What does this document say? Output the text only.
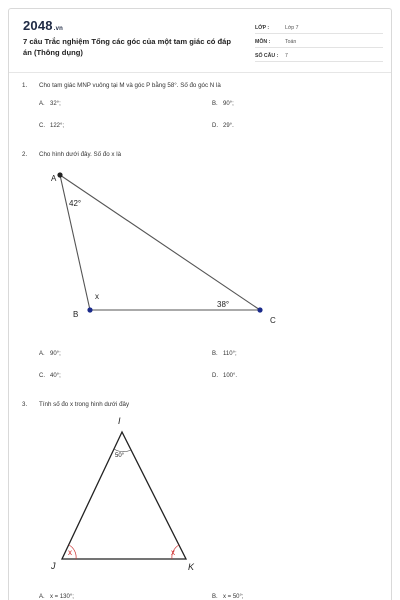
2048.vn
7 câu Trắc nghiệm Tổng các góc của một tam giác có đáp án (Thông dụng)
LỚP :	Lớp 7
MÔN :	Toán
SỐ CÂU : 7
1. Cho tam giác MNP vuông tại M và góc P bằng 58°. Số đo góc N là
A. 32°;	B. 90°;
C. 122°;	D. 29°.
2. Cho hình dưới đây. Số đo x là
A
B
C
42°
x
38°
A. 90°;	B. 110°;
C. 40°;	D. 100°.
3. Tính số đo x trong hình dưới đây
I
J	K
50°
x	x
A. x = 130°;	B. x = 50°;
